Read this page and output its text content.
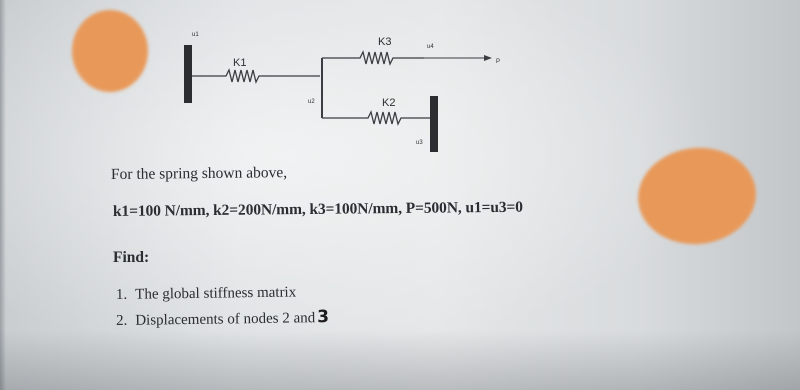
u1
K1
u2
K3	u4
P
K2
u3
For the spring shown above,
k1=100 N/mm, k2=200N/mm, k3=100N/mm, P=500N, u1=u3=0
Find:
1. The global stiffness matrix
2. Displacements of nodes 2 and 3
